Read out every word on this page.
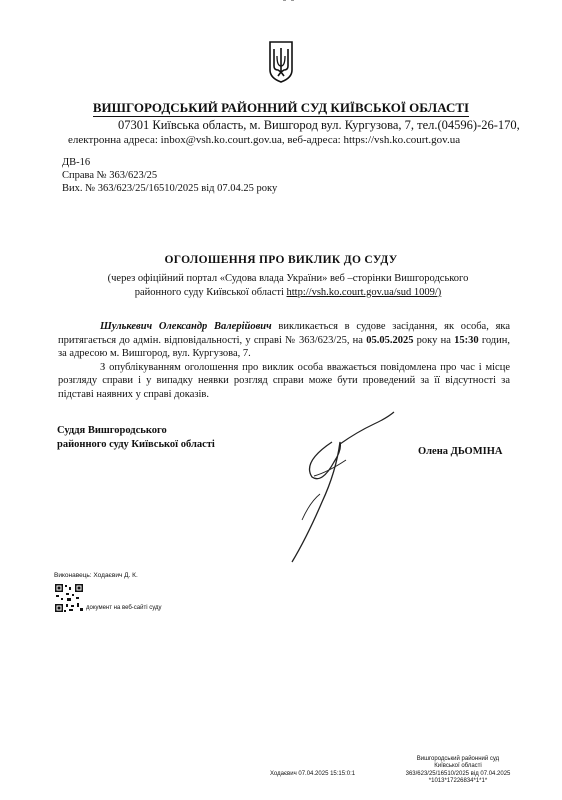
ВИШГОРОДСЬКИЙ РАЙОННИЙ СУД КИЇВСЬКОЇ ОБЛАСТІ
07301 Київська область, м. Вишгород вул. Кургузова, 7, тел.(04596)-26-170,
електронна адреса: inbox@vsh.ko.court.gov.ua, веб-адреса: https://vsh.ko.court.gov.ua
ДВ-16
Справа № 363/623/25
Вих. № 363/623/25/16510/2025 від 07.04.25 року
ОГОЛОШЕННЯ ПРО ВИКЛИК ДО СУДУ
(через офіційний портал «Судова влада України» веб –сторінки Вишгородського районного суду Київської області http://vsh.ko.court.gov.ua/sud 1009/)

Шулькевич Олександр Валерійович викликається в судове засідання, як особа, яка притягається до адмін. відповідальності, у справі № 363/623/25, на 05.05.2025 року на 15:30 годин, за адресою м. Вишгород, вул. Кургузова, 7.

З опублікуванням оголошення про виклик особа вважається повідомлена про час і місце розгляду справи і у випадку неявки розгляд справи може бути проведений за її відсутності за підставі наявних у справі доказів.

Суддя Вишгородського
районного суду Київської області
Олена ДЬОМІНА
Виконавець: Ходаєвич Д. К.
документ на веб-сайті суду
Вишгородський районний суд
Київської області
363/623/25/16510/2025 від 07.04.2025
*1013*17226834*1*1*
Ходаєвич 07.04.2025 15:15:0:1
